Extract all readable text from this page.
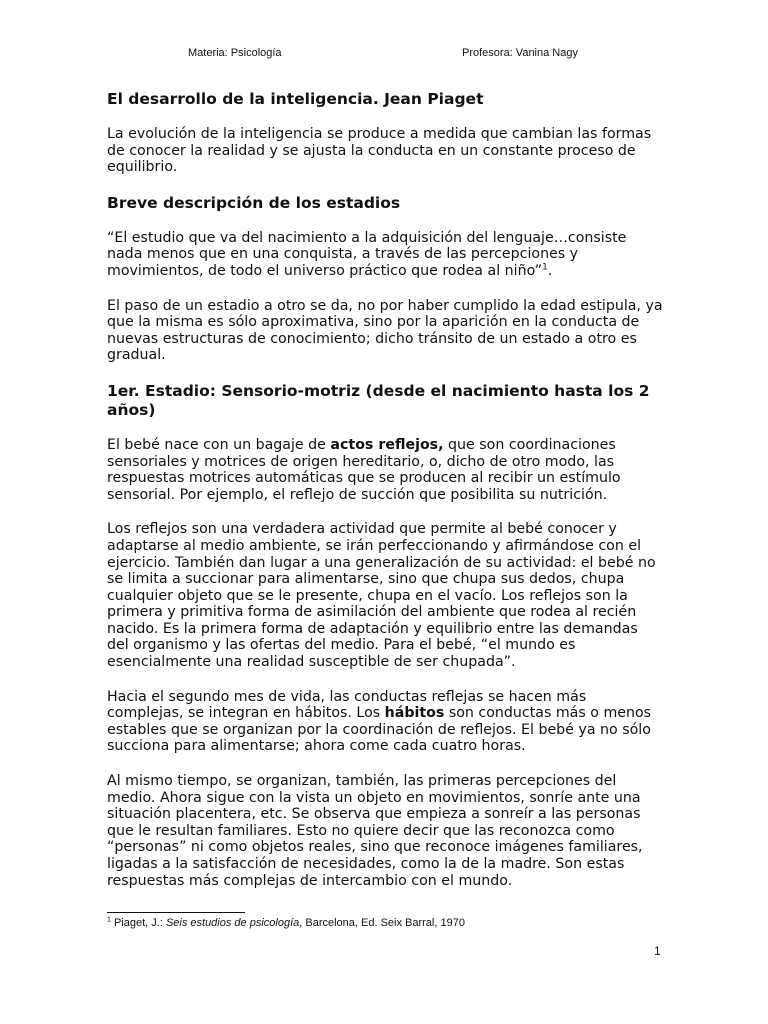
Materia: Psicología	Profesora: Vanina Nagy
El desarrollo de la inteligencia. Jean Piaget

La evolución de la inteligencia se produce a medida que cambian las formas de conocer la realidad y se ajusta la conducta en un constante proceso de equilibrio.

Breve descripción de los estadios

“El estudio que va del nacimiento a la adquisición del lenguaje…consiste nada menos que en una conquista, a través de las percepciones y movimientos, de todo el universo práctico que rodea al niño”$^1$.

El paso de un estadio a otro se da, no por haber cumplido la edad estipula, ya que la misma es sólo aproximativa, sino por la aparición en la conducta de nuevas estructuras de conocimiento; dicho tránsito de un estado a otro es gradual.

1er. Estadio: Sensorio-motriz (desde el nacimiento hasta los 2 años)

El bebé nace con un bagaje de actos reflejos, que son coordinaciones sensoriales y motrices de origen hereditario, o, dicho de otro modo, las respuestas motrices automáticas que se producen al recibir un estímulo sensorial. Por ejemplo, el reflejo de succión que posibilita su nutrición.

Los reflejos son una verdadera actividad que permite al bebé conocer y adaptarse al medio ambiente, se irán perfeccionando y afirmándose con el ejercicio. También dan lugar a una generalización de su actividad: el bebé no se limita a succionar para alimentarse, sino que chupa sus dedos, chupa cualquier objeto que se le presente, chupa en el vacío. Los reflejos son la primera y primitiva forma de asimilación del ambiente que rodea al recién nacido. Es la primera forma de adaptación y equilibrio entre las demandas del organismo y las ofertas del medio. Para el bebé, “el mundo es esencialmente una realidad susceptible de ser chupada”.

Hacia el segundo mes de vida, las conductas reflejas se hacen más complejas, se integran en hábitos. Los hábitos son conductas más o menos estables que se organizan por la coordinación de reflejos. El bebé ya no sólo succiona para alimentarse; ahora come cada cuatro horas.

Al mismo tiempo, se organizan, también, las primeras percepciones del medio. Ahora sigue con la vista un objeto en movimientos, sonríe ante una situación placentera, etc. Se observa que empieza a sonreír a las personas que le resultan familiares. Esto no quiere decir que las reconozca como “personas” ni como objetos reales, sino que reconoce imágenes familiares, ligadas a la satisfacción de necesidades, como la de la madre. Son estas respuestas más complejas de intercambio con el mundo.

$^1$ Piaget, J.: Seis estudios de psicología, Barcelona, Ed. Seix Barral, 1970
1
